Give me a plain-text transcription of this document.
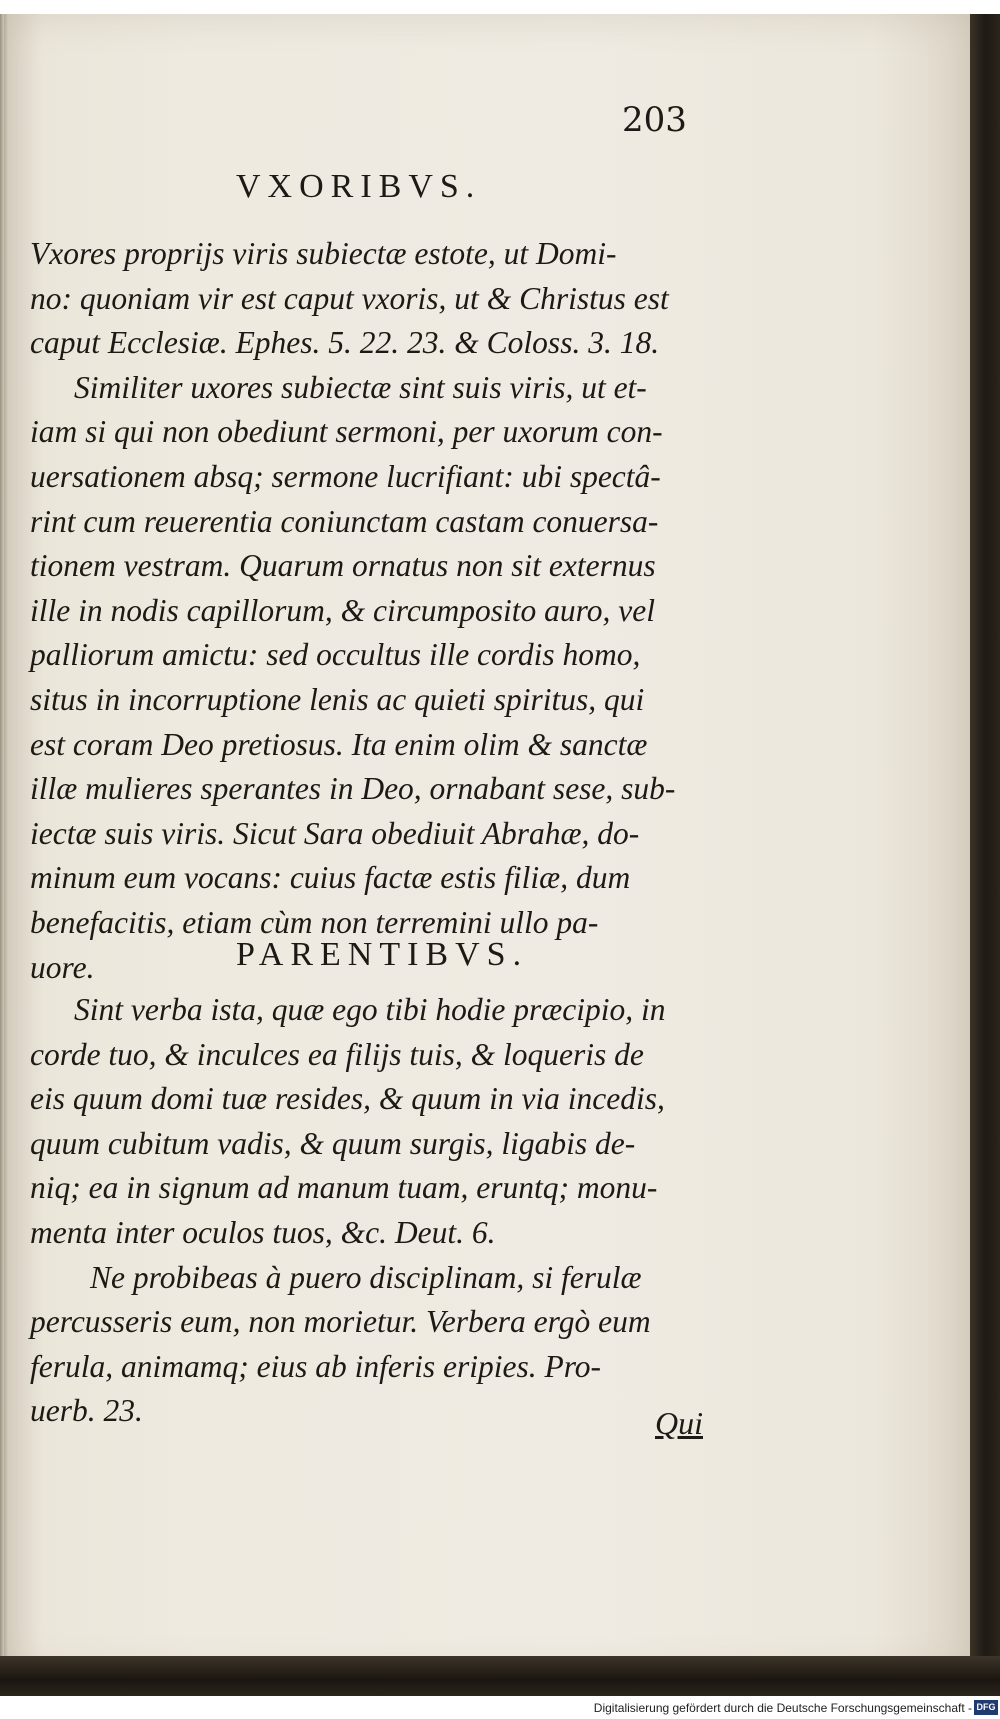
203
VXORIBVS.
Vxores proprijs viris subiectæ estote, ut Domi-
no: quoniam vir est caput vxoris, ut & Christus est
caput Ecclesiæ. Ephes. 5. 22. 23. & Coloss. 3. 18.
Similiter uxores subiectæ sint suis viris, ut et-
iam si qui non obediunt sermoni, per uxorum con-
uersationem absq; sermone lucrifiant: ubi spectâ-
rint cum reuerentia coniunctam castam conuersa-
tionem vestram. Quarum ornatus non sit externus
ille in nodis capillorum, & circumposito auro, vel
palliorum amictu: sed occultus ille cordis homo,
situs in incorruptione lenis ac quieti spiritus, qui
est coram Deo pretiosus. Ita enim olim & sanctæ
illæ mulieres sperantes in Deo, ornabant sese, sub-
iectæ suis viris. Sicut Sara obediuit Abrahæ, do-
minum eum vocans: cuius factæ estis filiæ, dum
benefacitis, etiam cùm non terremini ullo pa-
uore.	PARENTIBVS.
Sint verba ista, quæ ego tibi hodie præcipio, in
corde tuo, & inculces ea filijs tuis, & loqueris de
eis quum domi tuæ resides, & quum in via incedis,
quum cubitum vadis, & quum surgis, ligabis de-
niq; ea in signum ad manum tuam, eruntq; monu-
menta inter oculos tuos, &c. Deut. 6.
Ne probibeas à puero disciplinam, si ferulæ
percusseris eum, non morietur. Verbera ergò eum
ferula, animamq; eius ab inferis eripies. Pro-
uerb. 23.	Qui
Digitalisierung gefördert durch die Deutsche Forschungsgemeinschaft - DFG
